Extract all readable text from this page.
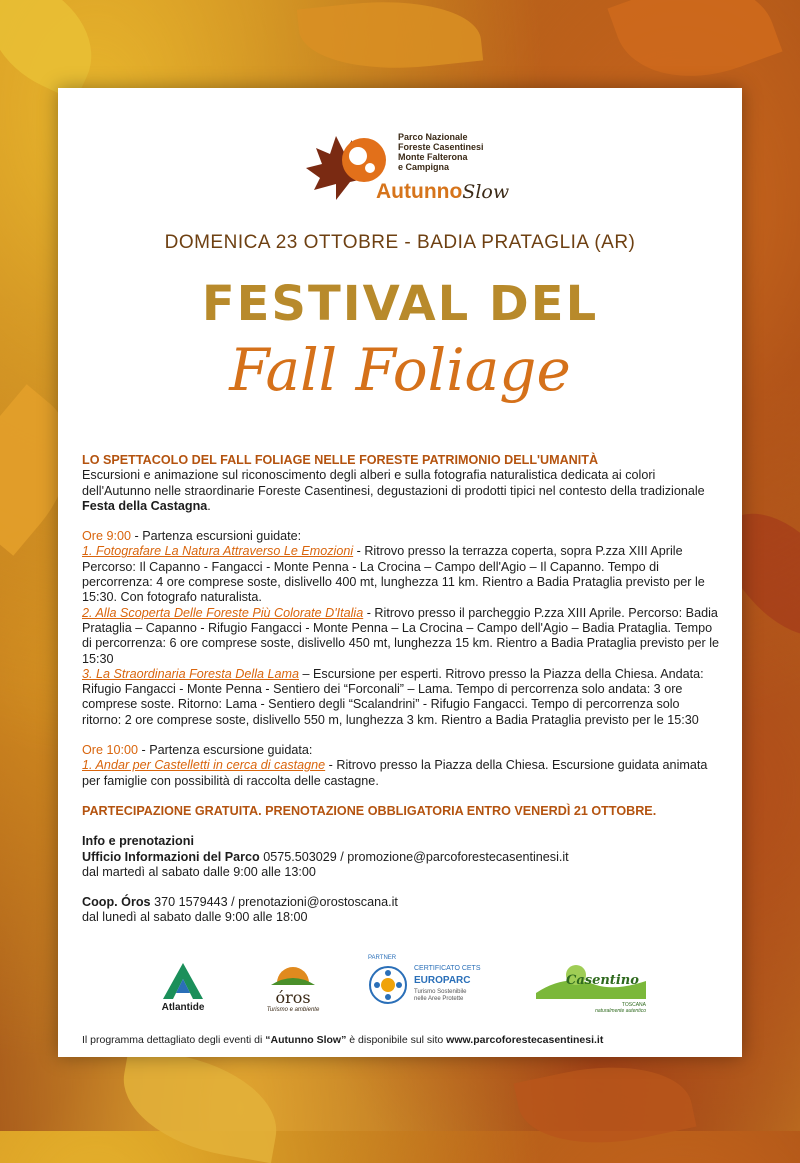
Parco Nazionale
Foreste Casentinesi
Monte Falterona
e Campigna
AutunnoSlow
DOMENICA 23 OTTOBRE - BADIA PRATAGLIA (AR)
FESTIVAL DEL
Fall Foliage

LO SPETTACOLO DEL FALL FOLIAGE NELLE FORESTE PATRIMONIO DELL'UMANITÀ

Escursioni e animazione sul riconoscimento degli alberi e sulla fotografia naturalistica dedicata ai colori dell'Autunno nelle straordinarie Foreste Casentinesi, degustazioni di prodotti tipici nel contesto della tradizionale Festa della Castagna.

Ore 9:00 - Partenza escursioni guidate:

1. Fotografare La Natura Attraverso Le Emozioni - Ritrovo presso la terrazza coperta, sopra P.zza XIII Aprile Percorso: Il Capanno - Fangacci - Monte Penna - La Crocina – Campo dell'Agio – Il Capanno. Tempo di percorrenza: 4 ore comprese soste, dislivello 400 mt, lunghezza 11 km. Rientro a Badia Prataglia previsto per le 15:30. Con fotografo naturalista.

2. Alla Scoperta Delle Foreste Più Colorate D'Italia - Ritrovo presso il parcheggio P.zza XIII Aprile. Percorso: Badia Prataglia – Capanno - Rifugio Fangacci - Monte Penna – La Crocina – Campo dell'Agio – Badia Prataglia. Tempo di percorrenza: 6 ore comprese soste, dislivello 450 mt, lunghezza 15 km. Rientro a Badia Prataglia previsto per le 15:30

3. La Straordinaria Foresta Della Lama – Escursione per esperti. Ritrovo presso la Piazza della Chiesa. Andata: Rifugio Fangacci - Monte Penna - Sentiero dei “Forconali” – Lama. Tempo di percorrenza solo andata: 3 ore comprese soste. Ritorno: Lama - Sentiero degli “Scalandrini” - Rifugio Fangacci. Tempo di percorrenza solo ritorno: 2 ore comprese soste, dislivello 550 m, lunghezza 3 km. Rientro a Badia Prataglia previsto per le 15:30

Ore 10:00 - Partenza escursione guidata:

1. Andar per Castelletti in cerca di castagne - Ritrovo presso la Piazza della Chiesa. Escursione guidata animata per famiglie con possibilità di raccolta delle castagne.

PARTECIPAZIONE GRATUITA. PRENOTAZIONE OBBLIGATORIA ENTRO VENERDÌ 21 OTTOBRE.

Info e prenotazioni

Ufficio Informazioni del Parco 0575.503029 / promozione@parcoforestecasentinesi.it

dal martedì al sabato dalle 9:00 alle 13:00

Coop. Óros 370 1579443 / prenotazioni@orostoscana.it

dal lunedì al sabato dalle 9:00 alle 18:00

Atlantide
óros
Turismo e ambiente
PARTNER
CERTIFICATO CETS
EUROPARC
Turismo Sostenibile
nelle Aree Protette
Casentino
TOSCANA
naturalmente autentico
Il programma dettagliato degli eventi di “Autunno Slow” è disponibile sul sito www.parcoforestecasentinesi.it
